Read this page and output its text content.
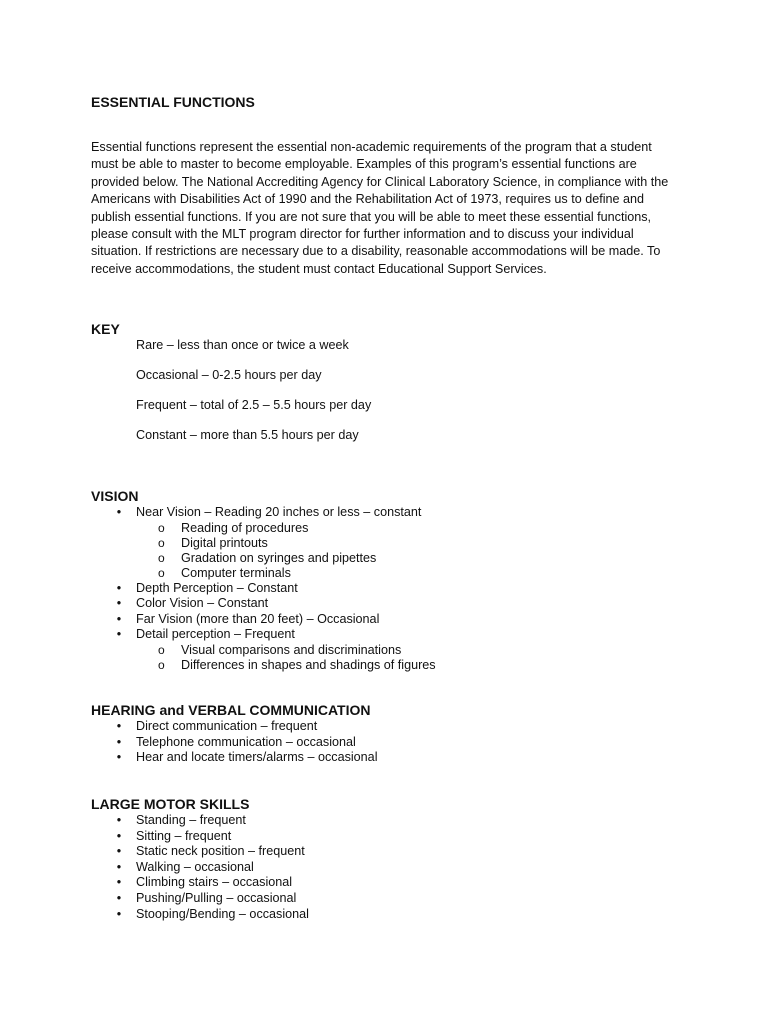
ESSENTIAL FUNCTIONS

Essential functions represent the essential non-academic requirements of the program that a student
must be able to master to become employable. Examples of this program’s essential functions are
provided below. The National Accrediting Agency for Clinical Laboratory Science, in compliance with the
Americans with Disabilities Act of 1990 and the Rehabilitation Act of 1973, requires us to define and
publish essential functions. If you are not sure that you will be able to meet these essential functions,
please consult with the MLT program director for further information and to discuss your individual
situation. If restrictions are necessary due to a disability, reasonable accommodations will be made. To
receive accommodations, the student must contact Educational Support Services.

KEY
Rare – less than once or twice a week
Occasional – 0-2.5 hours per day
Frequent – total of 2.5 – 5.5 hours per day
Constant – more than 5.5 hours per day
VISION
•	Near Vision – Reading 20 inches or less – constant
o Reading of procedures
o Digital printouts
o Gradation on syringes and pipettes
o Computer terminals
•	Depth Perception – Constant
•	Color Vision – Constant
•	Far Vision (more than 20 feet) – Occasional
•	Detail perception – Frequent
o Visual comparisons and discriminations
o Differences in shapes and shadings of figures
HEARING and VERBAL COMMUNICATION
•	Direct communication – frequent
•	Telephone communication – occasional
•	Hear and locate timers/alarms – occasional
LARGE MOTOR SKILLS
•	Standing – frequent
•	Sitting – frequent
•	Static neck position – frequent
•	Walking – occasional
•	Climbing stairs – occasional
•	Pushing/Pulling – occasional
•	Stooping/Bending – occasional
